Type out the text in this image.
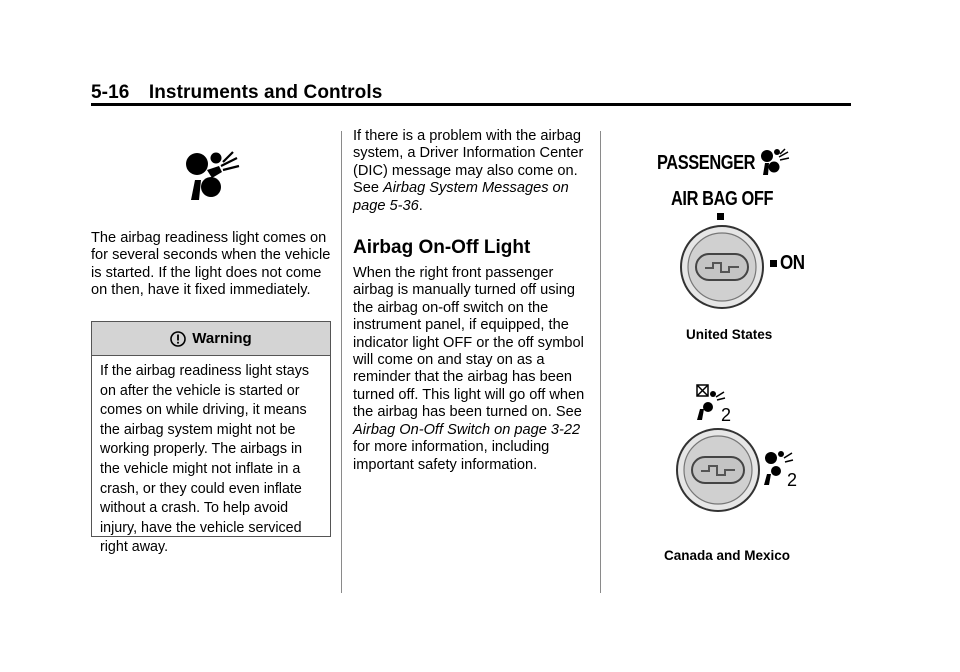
5-16 Instruments and Controls
The airbag readiness light comes on for several seconds when the vehicle is started. If the light does not come on then, have it fixed immediately.
Warning
If the airbag readiness light stays on after the vehicle is started or comes on while driving, it means the airbag system might not be working properly. The airbags in the vehicle might not inflate in a crash, or they could even inflate without a crash. To help avoid injury, have the vehicle serviced right away.
If there is a problem with the airbag system, a Driver Information Center (DIC) message may also come on. See Airbag System Messages on page 5-36.
Airbag On-Off Light
When the right front passenger airbag is manually turned off using the airbag on-off switch on the instrument panel, if equipped, the indicator light OFF or the off symbol will come on and stay on as a reminder that the airbag has been turned off. This light will go off when the airbag has been turned on. See Airbag On-Off Switch on page 3-22 for more information, including important safety information.
PASSENGER
AIR BAG OFF
ON
United States
2
2
Canada and Mexico
